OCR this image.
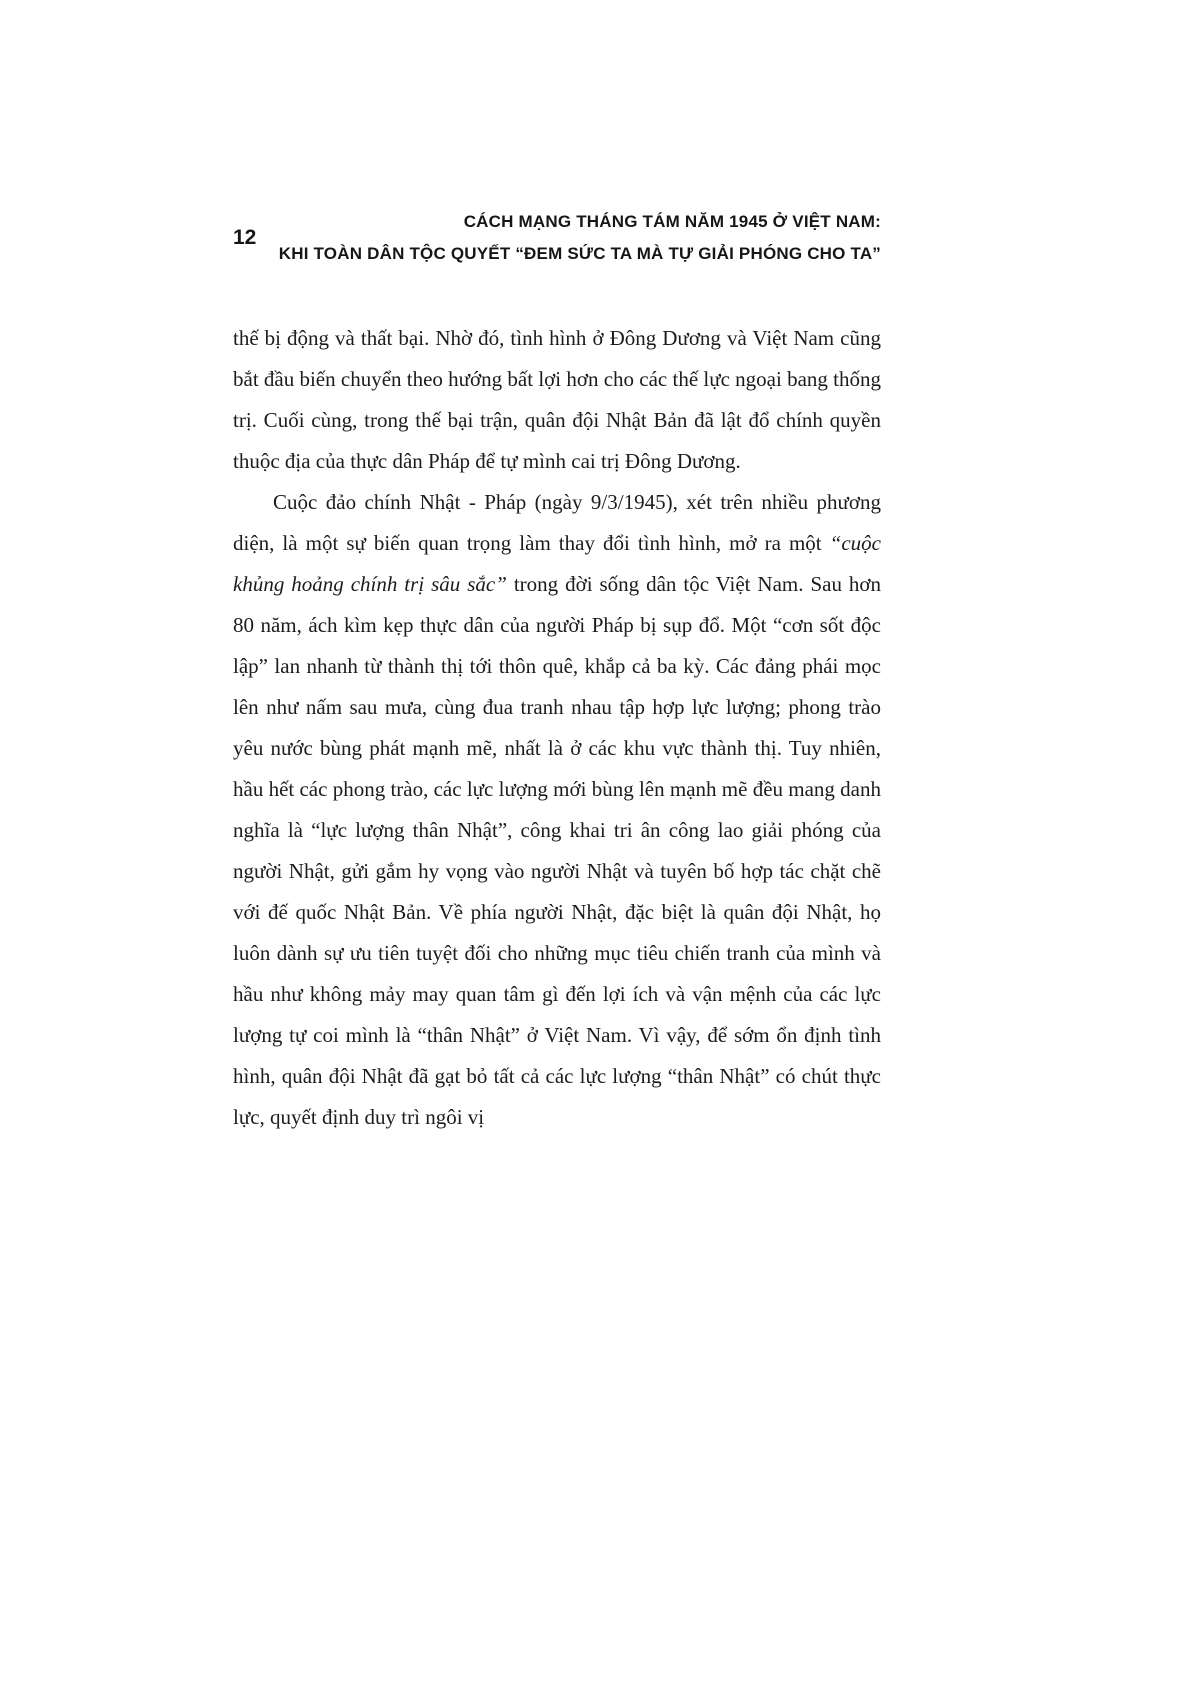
12
CÁCH MẠNG THÁNG TÁM NĂM 1945 Ở VIỆT NAM:
KHI TOÀN DÂN TỘC QUYẾT “ĐEM SỨC TA MÀ TỰ GIẢI PHÓNG CHO TA”

thế bị động và thất bại. Nhờ đó, tình hình ở Đông Dương và Việt Nam cũng bắt đầu biến chuyển theo hướng bất lợi hơn cho các thế lực ngoại bang thống trị. Cuối cùng, trong thế bại trận, quân đội Nhật Bản đã lật đổ chính quyền thuộc địa của thực dân Pháp để tự mình cai trị Đông Dương.

Cuộc đảo chính Nhật - Pháp (ngày 9/3/1945), xét trên nhiều phương diện, là một sự biến quan trọng làm thay đổi tình hình, mở ra một “cuộc khủng hoảng chính trị sâu sắc” trong đời sống dân tộc Việt Nam. Sau hơn 80 năm, ách kìm kẹp thực dân của người Pháp bị sụp đổ. Một “cơn sốt độc lập” lan nhanh từ thành thị tới thôn quê, khắp cả ba kỳ. Các đảng phái mọc lên như nấm sau mưa, cùng đua tranh nhau tập hợp lực lượng; phong trào yêu nước bùng phát mạnh mẽ, nhất là ở các khu vực thành thị. Tuy nhiên, hầu hết các phong trào, các lực lượng mới bùng lên mạnh mẽ đều mang danh nghĩa là “lực lượng thân Nhật”, công khai tri ân công lao giải phóng của người Nhật, gửi gắm hy vọng vào người Nhật và tuyên bố hợp tác chặt chẽ với đế quốc Nhật Bản. Về phía người Nhật, đặc biệt là quân đội Nhật, họ luôn dành sự ưu tiên tuyệt đối cho những mục tiêu chiến tranh của mình và hầu như không mảy may quan tâm gì đến lợi ích và vận mệnh của các lực lượng tự coi mình là “thân Nhật” ở Việt Nam. Vì vậy, để sớm ổn định tình hình, quân đội Nhật đã gạt bỏ tất cả các lực lượng “thân Nhật” có chút thực lực, quyết định duy trì ngôi vị
